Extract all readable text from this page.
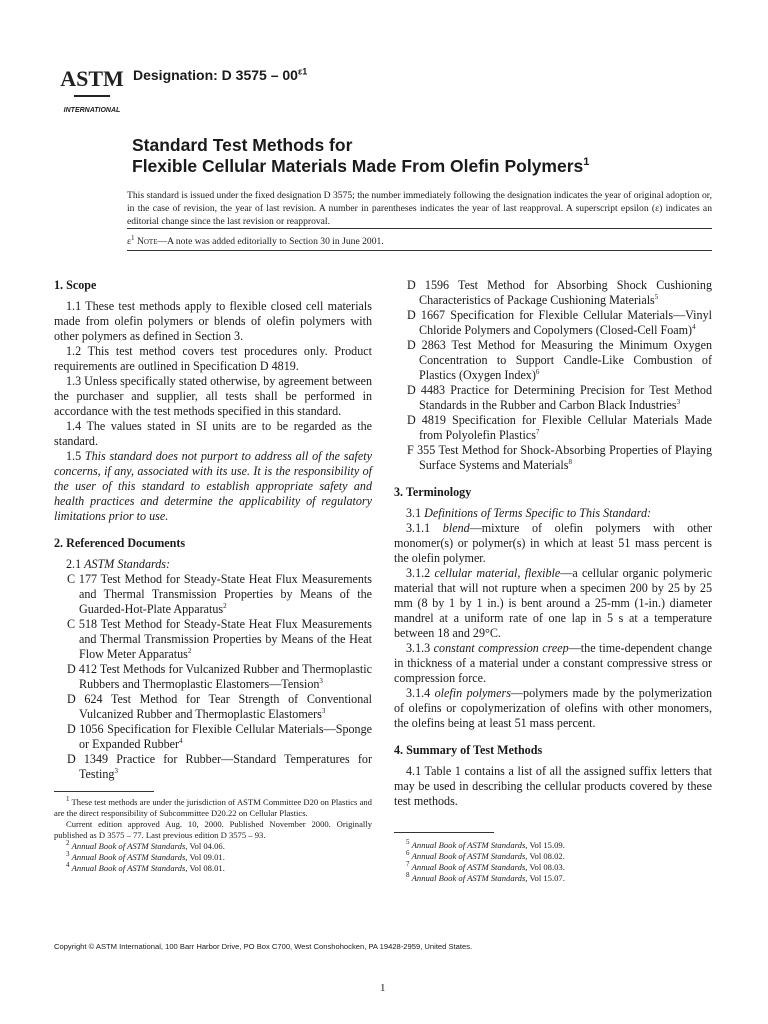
ASTM
INTERNATIONAL
Designation: D $3575 - 00^{\varepsilon 1}$
Standard Test Methods for
Flexible Cellular Materials Made From Olefin Polymers$^1$
This standard is issued under the fixed designation D 3575; the number immediately following the designation indicates the year of original adoption or, in the case of revision, the year of last revision. A number in parentheses indicates the year of last reapproval. A superscript epsilon (ε) indicates an editorial change since the last revision or reapproval.
$\varepsilon^1$ Note—A note was added editorially to Section 30 in June 2001.

1. Scope

1.1 These test methods apply to flexible closed cell materials made from olefin polymers or blends of olefin polymers with other polymers as defined in Section 3.

1.2 This test method covers test procedures only. Product requirements are outlined in Specification D 4819.

1.3 Unless specifically stated otherwise, by agreement between the purchaser and supplier, all tests shall be performed in accordance with the test methods specified in this standard.

1.4 The values stated in SI units are to be regarded as the standard.

1.5 This standard does not purport to address all of the safety concerns, if any, associated with its use. It is the responsibility of the user of this standard to establish appropriate safety and health practices and determine the applicability of regulatory limitations prior to use.

2. Referenced Documents

2.1 ASTM Standards:

C 177 Test Method for Steady-State Heat Flux Measurements and Thermal Transmission Properties by Means of the Guarded-Hot-Plate Apparatus$^2$

C 518 Test Method for Steady-State Heat Flux Measurements and Thermal Transmission Properties by Means of the Heat Flow Meter Apparatus$^2$

D 412 Test Methods for Vulcanized Rubber and Thermoplastic Rubbers and Thermoplastic Elastomers—Tension$^3$

D 624 Test Method for Tear Strength of Conventional Vulcanized Rubber and Thermoplastic Elastomers$^3$

D 1056 Specification for Flexible Cellular Materials—Sponge or Expanded Rubber$^4$

D 1349 Practice for Rubber—Standard Temperatures for Testing$^3$

$^1$ These test methods are under the jurisdiction of ASTM Committee D20 on Plastics and are the direct responsibility of Subcommittee D20.22 on Cellular Plastics.

Current edition approved Aug. 10, 2000. Published November 2000. Originally published as D 3575 – 77. Last previous edition D 3575 – 93.

$^2$ Annual Book of ASTM Standards, Vol 04.06.

$^3$ Annual Book of ASTM Standards, Vol 09.01.

$^4$ Annual Book of ASTM Standards, Vol 08.01.

D 1596 Test Method for Absorbing Shock Cushioning Characteristics of Package Cushioning Materials$^5$

D 1667 Specification for Flexible Cellular Materials—Vinyl Chloride Polymers and Copolymers (Closed-Cell Foam)$^4$

D 2863 Test Method for Measuring the Minimum Oxygen Concentration to Support Candle-Like Combustion of Plastics (Oxygen Index)$^6$

D 4483 Practice for Determining Precision for Test Method Standards in the Rubber and Carbon Black Industries$^3$

D 4819 Specification for Flexible Cellular Materials Made from Polyolefin Plastics$^7$

F 355 Test Method for Shock-Absorbing Properties of Playing Surface Systems and Materials$^8$

3. Terminology

3.1 Definitions of Terms Specific to This Standard:

3.1.1 blend—mixture of olefin polymers with other monomer(s) or polymer(s) in which at least 51 mass percent is the olefin polymer.

3.1.2 cellular material, flexible—a cellular organic polymeric material that will not rupture when a specimen 200 by 25 by 25 mm (8 by 1 by 1 in.) is bent around a 25-mm (1-in.) diameter mandrel at a uniform rate of one lap in 5 s at a temperature between 18 and 29°C.

3.1.3 constant compression creep—the time-dependent change in thickness of a material under a constant compressive stress or compression force.

3.1.4 olefin polymers—polymers made by the polymerization of olefins or copolymerization of olefins with other monomers, the olefins being at least 51 mass percent.

4. Summary of Test Methods

4.1 Table 1 contains a list of all the assigned suffix letters that may be used in describing the cellular products covered by these test methods.

$^5$ Annual Book of ASTM Standards, Vol 15.09.

$^6$ Annual Book of ASTM Standards, Vol 08.02.

$^7$ Annual Book of ASTM Standards, Vol 08.03.

$^8$ Annual Book of ASTM Standards, Vol 15.07.

Copyright © ASTM International, 100 Barr Harbor Drive, PO Box C700, West Conshohocken, PA 19428-2959, United States.
1
